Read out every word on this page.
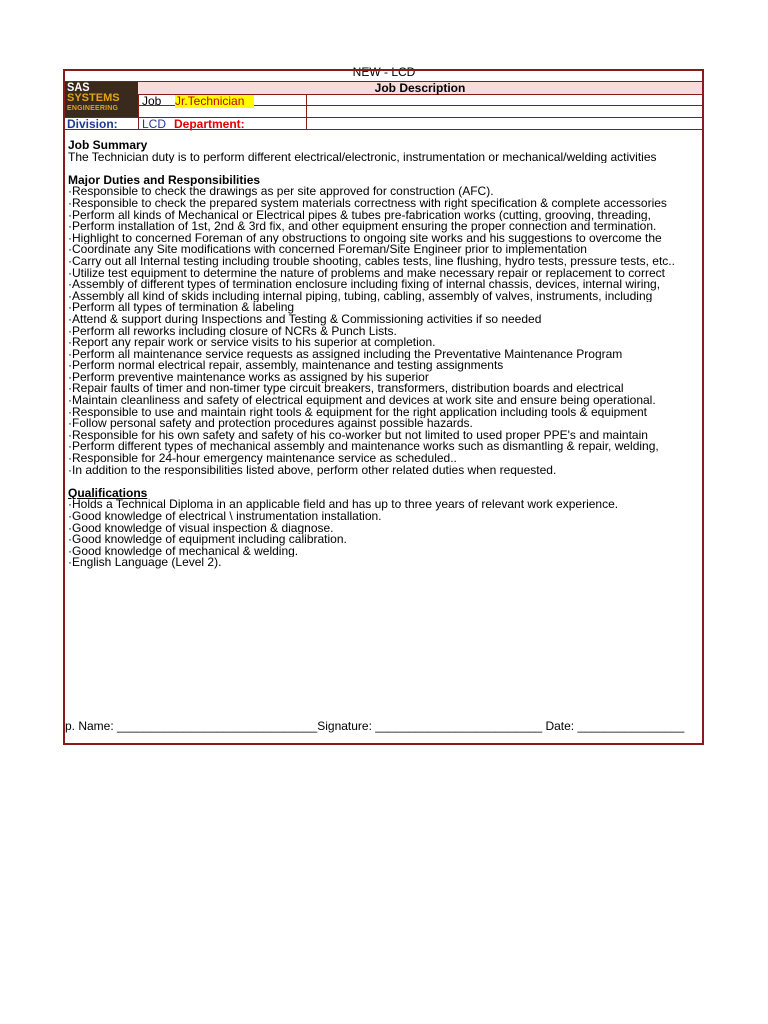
NEW - LCD
SAS
SYSTEMS
ENGINEERING
Job Description
Job Jr.Technician
Division: LCD Department:
Job Summary
The Technician duty is to perform different electrical/electronic, instrumentation or mechanical/welding activities
Major Duties and Responsibilities
·Responsible to check the drawings as per site approved for construction (AFC).
·Responsible to check the prepared system materials correctness with right specification & complete accessories
·Perform all kinds of Mechanical or Electrical pipes & tubes pre-fabrication works (cutting, grooving, threading,
·Perform installation of 1st, 2nd & 3rd fix, and other equipment ensuring the proper connection and termination.
·Highlight to concerned Foreman of any obstructions to ongoing site works and his suggestions to overcome the
·Coordinate any Site modifications with concerned Foreman/Site Engineer prior to implementation
·Carry out all Internal testing including trouble shooting, cables tests, line flushing, hydro tests, pressure tests, etc..
·Utilize test equipment to determine the nature of problems and make necessary repair or replacement to correct
·Assembly of different types of termination enclosure including fixing of internal chassis, devices, internal wiring,
·Assembly all kind of skids including internal piping, tubing, cabling, assembly of valves, instruments, including
·Perform all types of termination & labeling
·Attend & support during Inspections and Testing & Commissioning activities if so needed
·Perform all reworks including closure of NCRs & Punch Lists.
·Report any repair work or service visits to his superior at completion.
·Perform all maintenance service requests as assigned including the Preventative Maintenance Program
·Perform normal electrical repair, assembly, maintenance and testing assignments
·Perform preventive maintenance works as assigned by his superior
·Repair faults of timer and non-timer type circuit breakers, transformers, distribution boards and electrical
·Maintain cleanliness and safety of electrical equipment and devices at work site and ensure being operational.
·Responsible to use and maintain right tools & equipment for the right application including tools & equipment
·Follow personal safety and protection procedures against possible hazards.
·Responsible for his own safety and safety of his co-worker but not limited to used proper PPE's and maintain
·Perform different types of mechanical assembly and maintenance works such as dismantling & repair, welding,
·Responsible for 24-hour emergency maintenance service as scheduled..
·In addition to the responsibilities listed above, perform other related duties when requested.
Qualifications
·Holds a Technical Diploma in an applicable field and has up to three years of relevant work experience.
·Good knowledge of electrical \ instrumentation installation.
·Good knowledge of visual inspection & diagnose.
·Good knowledge of equipment including calibration.
·Good knowledge of mechanical & welding.
·English Language (Level 2).
p. Name: ______________________________Signature: _________________________ Date: ________________
